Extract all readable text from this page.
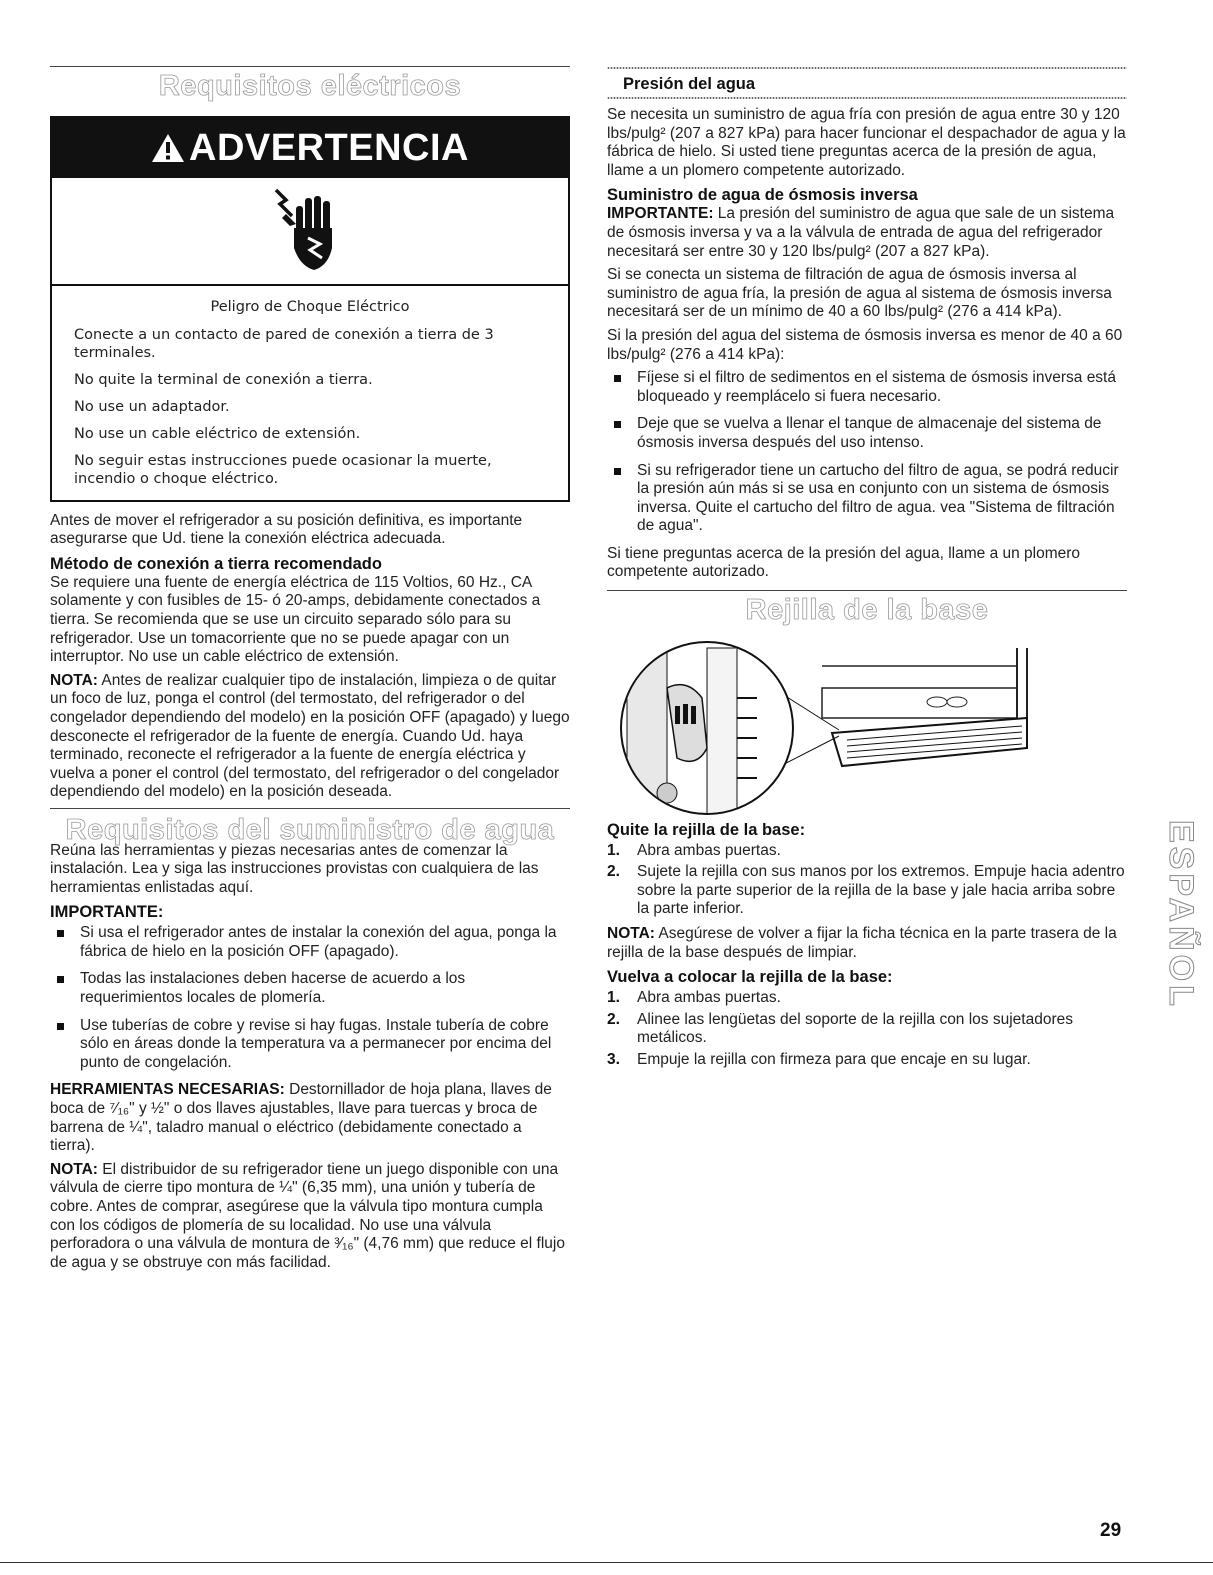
Requisitos eléctricos
ADVERTENCIA

Peligro de Choque Eléctrico

Conecte a un contacto de pared de conexión a tierra de 3 terminales.

No quite la terminal de conexión a tierra.

No use un adaptador.

No use un cable eléctrico de extensión.

No seguir estas instrucciones puede ocasionar la muerte, incendio o choque eléctrico.

Antes de mover el refrigerador a su posición definitiva, es importante asegurarse que Ud. tiene la conexión eléctrica adecuada.

Método de conexión a tierra recomendado

Se requiere una fuente de energía eléctrica de 115 Voltios, 60 Hz., CA solamente y con fusibles de 15- ó 20-amps, debidamente conectados a tierra. Se recomienda que se use un circuito separado sólo para su refrigerador. Use un tomacorriente que no se puede apagar con un interruptor. No use un cable eléctrico de extensión.

NOTA: Antes de realizar cualquier tipo de instalación, limpieza o de quitar un foco de luz, ponga el control (del termostato, del refrigerador o del congelador dependiendo del modelo) en la posición OFF (apagado) y luego desconecte el refrigerador de la fuente de energía. Cuando Ud. haya terminado, reconecte el refrigerador a la fuente de energía eléctrica y vuelva a poner el control (del termostato, del refrigerador o del congelador dependiendo del modelo) en la posición deseada.

Requisitos del suministro de agua

Reúna las herramientas y piezas necesarias antes de comenzar la instalación. Lea y siga las instrucciones provistas con cualquiera de las herramientas enlistadas aquí.

IMPORTANTE:
Si usa el refrigerador antes de instalar la conexión del agua, ponga la fábrica de hielo en la posición OFF (apagado).
Todas las instalaciones deben hacerse de acuerdo a los requerimientos locales de plomería.
Use tuberías de cobre y revise si hay fugas. Instale tubería de cobre sólo en áreas donde la temperatura va a permanecer por encima del punto de congelación.

HERRAMIENTAS NECESARIAS: Destornillador de hoja plana, llaves de boca de ⁷⁄₁₆" y ½" o dos llaves ajustables, llave para tuercas y broca de barrena de ¼", taladro manual o eléctrico (debidamente conectado a tierra).

NOTA: El distribuidor de su refrigerador tiene un juego disponible con una válvula de cierre tipo montura de ¼" (6,35 mm), una unión y tubería de cobre. Antes de comprar, asegúrese que la válvula tipo montura cumpla con los códigos de plomería de su localidad. No use una válvula perforadora o una válvula de montura de ³⁄₁₆" (4,76 mm) que reduce el flujo de agua y se obstruye con más facilidad.

Presión del agua

Se necesita un suministro de agua fría con presión de agua entre 30 y 120 lbs/pulg² (207 a 827 kPa) para hacer funcionar el despachador de agua y la fábrica de hielo. Si usted tiene preguntas acerca de la presión de agua, llame a un plomero competente autorizado.

Suministro de agua de ósmosis inversa

IMPORTANTE: La presión del suministro de agua que sale de un sistema de ósmosis inversa y va a la válvula de entrada de agua del refrigerador necesitará ser entre 30 y 120 lbs/pulg² (207 a 827 kPa).

Si se conecta un sistema de filtración de agua de ósmosis inversa al suministro de agua fría, la presión de agua al sistema de ósmosis inversa necesitará ser de un mínimo de 40 a 60 lbs/pulg² (276 a 414 kPa).

Si la presión del agua del sistema de ósmosis inversa es menor de 40 a 60 lbs/pulg² (276 a 414 kPa):

Fíjese si el filtro de sedimentos en el sistema de ósmosis inversa está bloqueado y reemplácelo si fuera necesario.
Deje que se vuelva a llenar el tanque de almacenaje del sistema de ósmosis inversa después del uso intenso.
Si su refrigerador tiene un cartucho del filtro de agua, se podrá reducir la presión aún más si se usa en conjunto con un sistema de ósmosis inversa. Quite el cartucho del filtro de agua. vea "Sistema de filtración de agua".

Si tiene preguntas acerca de la presión del agua, llame a un plomero competente autorizado.

Rejilla de la base
Quite la rejilla de la base:
1. Abra ambas puertas.
2. Sujete la rejilla con sus manos por los extremos. Empuje hacia adentro sobre la parte superior de la rejilla de la base y jale hacia arriba sobre la parte inferior.

NOTA: Asegúrese de volver a fijar la ficha técnica en la parte trasera de la rejilla de la base después de limpiar.

Vuelva a colocar la rejilla de la base:
1. Abra ambas puertas.
2. Alinee las lengüetas del soporte de la rejilla con los sujetadores metálicos.
3. Empuje la rejilla con firmeza para que encaje en su lugar.
ESPAÑOL
29
